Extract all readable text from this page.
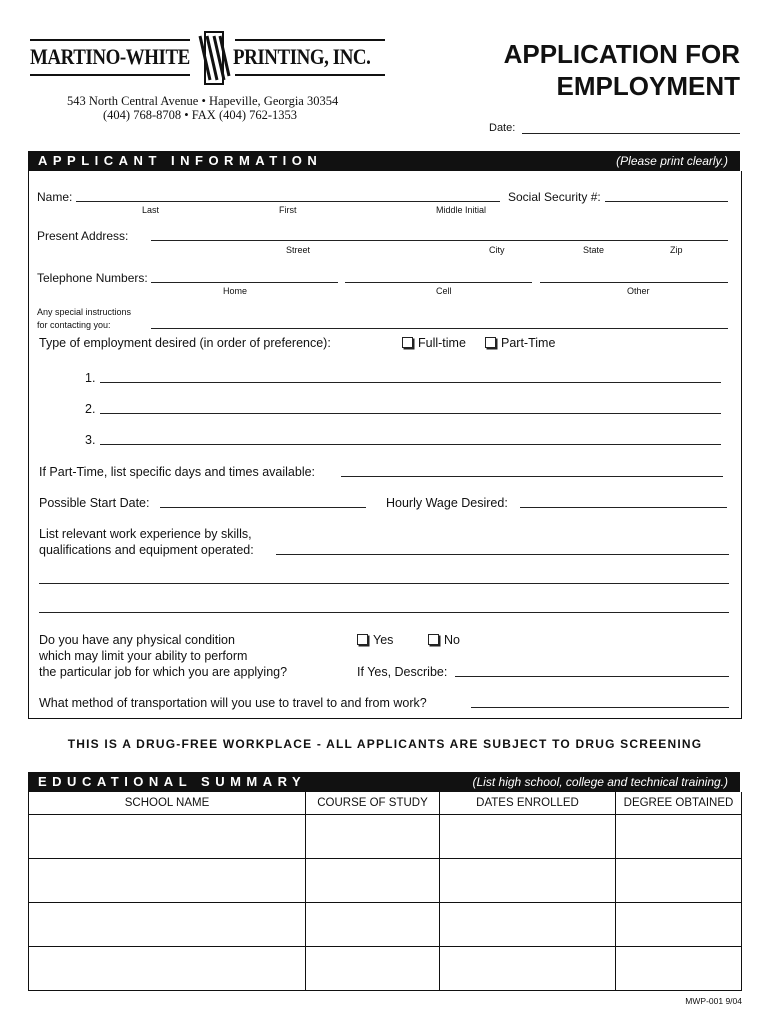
MARTINO-WHITE PRINTING, INC.
543 North Central Avenue • Hapeville, Georgia 30354
(404) 768-8708 • FAX (404) 762-1353
APPLICATION FOR
EMPLOYMENT
Date:
APPLICANT INFORMATION	(Please print clearly.)
Name:
Last	First	Middle Initial
Social Security #:
Present Address:
Street	City	State	Zip
Telephone Numbers:
Home	Cell	Other
Any special instructions
for contacting you:
Type of employment desired (in order of preference):	Full-time	Part-Time
1.
2.
3.
If Part-Time, list specific days and times available:
Possible Start Date:	Hourly Wage Desired:
List relevant work experience by skills,
qualifications and equipment operated:
Do you have any physical condition
which may limit your ability to perform
the particular job for which you are applying?
Yes	No
If Yes, Describe:
What method of transportation will you use to travel to and from work?
THIS IS A DRUG-FREE WORKPLACE - ALL APPLICANTS ARE SUBJECT TO DRUG SCREENING
EDUCATIONAL SUMMARY	(List high school, college and technical training.)
SCHOOL NAME	COURSE OF STUDY	DATES ENROLLED	DEGREE OBTAINED

MWP-001 9/04
